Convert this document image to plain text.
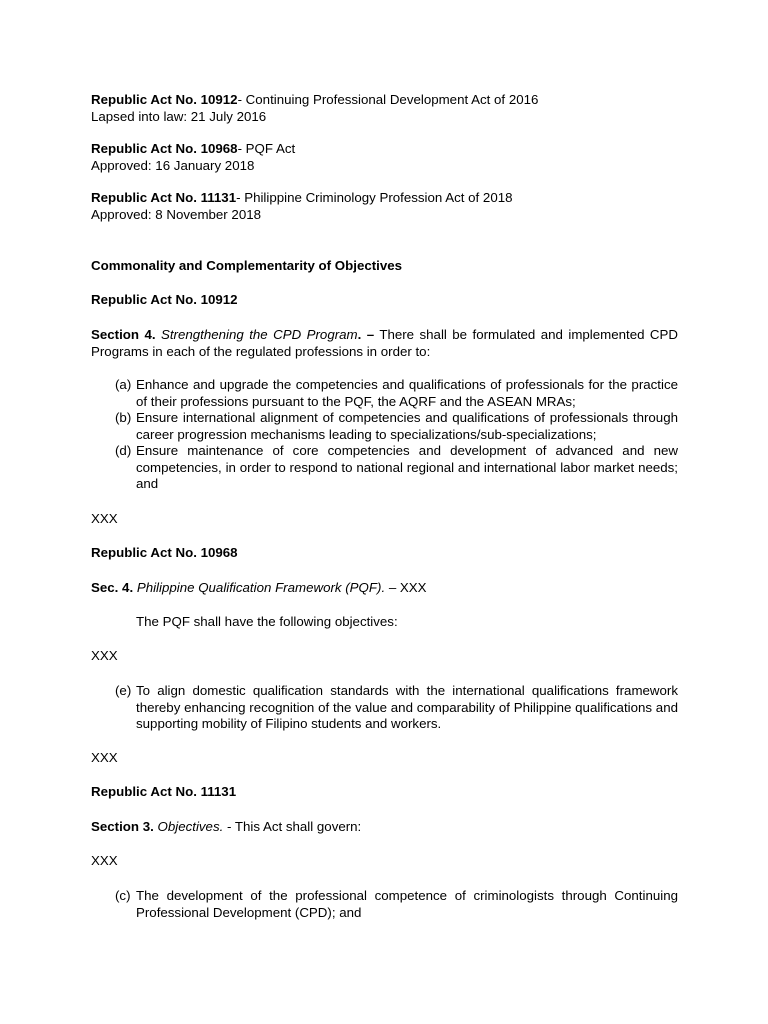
Republic Act No. 10912- Continuing Professional Development Act of 2016
Lapsed into law: 21 July 2016

Republic Act No. 10968- PQF Act
Approved: 16 January 2018

Republic Act No. 11131- Philippine Criminology Profession Act of 2018
Approved: 8 November 2018

Commonality and Complementarity of Objectives

Republic Act No. 10912

Section 4. Strengthening the CPD Program. – There shall be formulated and implemented CPD Programs in each of the regulated professions in order to:

(a) Enhance and upgrade the competencies and qualifications of professionals for the practice of their professions pursuant to the PQF, the AQRF and the ASEAN MRAs;

(b) Ensure international alignment of competencies and qualifications of professionals through career progression mechanisms leading to specializations/sub-specializations;

(d) Ensure maintenance of core competencies and development of advanced and new competencies, in order to respond to national regional and international labor market needs; and

XXX

Republic Act No. 10968

Sec. 4. Philippine Qualification Framework (PQF). – XXX

The PQF shall have the following objectives:

XXX

(e) To align domestic qualification standards with the international qualifications framework thereby enhancing recognition of the value and comparability of Philippine qualifications and supporting mobility of Filipino students and workers.

XXX

Republic Act No. 11131

Section 3. Objectives. - This Act shall govern:

XXX

(c) The development of the professional competence of criminologists through Continuing Professional Development (CPD); and
